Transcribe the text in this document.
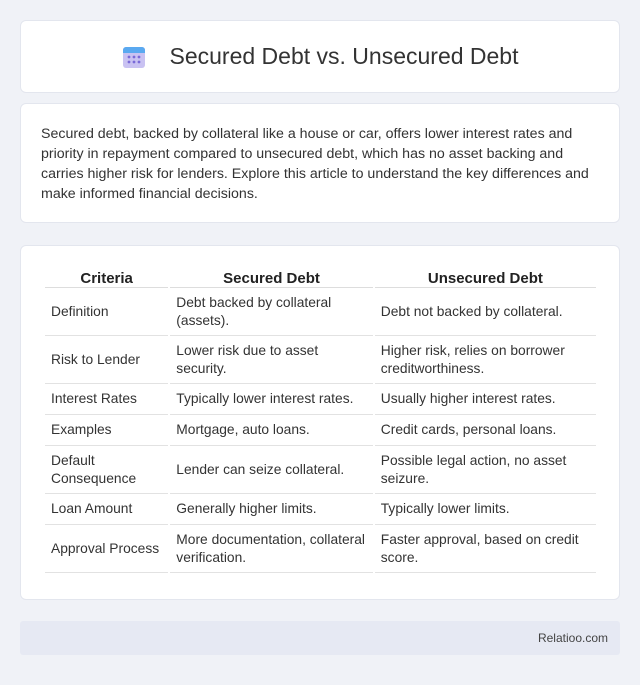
Secured Debt vs. Unsecured Debt

Secured debt, backed by collateral like a house or car, offers lower interest rates and priority in repayment compared to unsecured debt, which has no asset backing and carries higher risk for lenders. Explore this article to understand the key differences and make informed financial decisions.

Criteria	Secured Debt	Unsecured Debt
Definition	Debt backed by collateral (assets).	Debt not backed by collateral.
Risk to Lender	Lower risk due to asset security.	Higher risk, relies on borrower creditworthiness.
Interest Rates	Typically lower interest rates.	Usually higher interest rates.
Examples	Mortgage, auto loans.	Credit cards, personal loans.
Default Consequence	Lender can seize collateral.	Possible legal action, no asset seizure.
Loan Amount	Generally higher limits.	Typically lower limits.
Approval Process	More documentation, collateral verification.	Faster approval, based on credit score.
Relatioo.com
